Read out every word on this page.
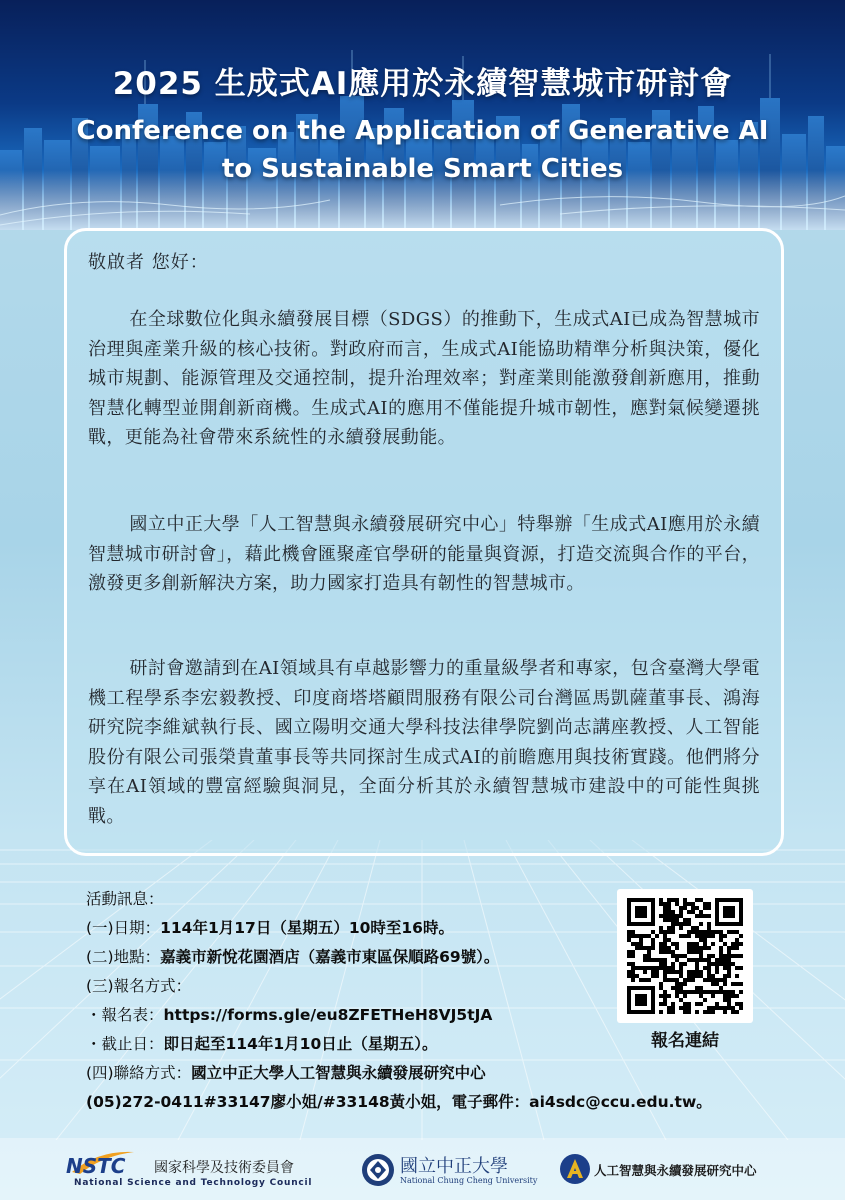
2025 生成式AI應用於永續智慧城市研討會
Conference on the Application of Generative AI to Sustainable Smart Cities
敬啟者 您好：

在全球數位化與永續發展目標（SDGS）的推動下，生成式AI已成為智慧城市治理與產業升級的核心技術。對政府而言，生成式AI能協助精準分析與決策，優化城市規劃、能源管理及交通控制，提升治理效率；對產業則能激發創新應用，推動智慧化轉型並開創新商機。生成式AI的應用不僅能提升城市韌性，應對氣候變遷挑戰，更能為社會帶來系統性的永續發展動能。

國立中正大學「人工智慧與永續發展研究中心」特舉辦「生成式AI應用於永續智慧城市研討會」，藉此機會匯聚產官學研的能量與資源，打造交流與合作的平台，激發更多創新解決方案，助力國家打造具有韌性的智慧城市。

研討會邀請到在AI領域具有卓越影響力的重量級學者和專家，包含臺灣大學電機工程學系李宏毅教授、印度商塔塔顧問服務有限公司台灣區馬凱薩董事長、鴻海研究院李維斌執行長、國立陽明交通大學科技法律學院劉尚志講座教授、人工智能股份有限公司張榮貴董事長等共同探討生成式AI的前瞻應用與技術實踐。他們將分享在AI領域的豐富經驗與洞見，全面分析其於永續智慧城市建設中的可能性與挑戰。

活動訊息：
(一)日期：114年1月17日（星期五）10時至16時。
(二)地點：嘉義市新悅花園酒店（嘉義市東區保順路69號）。
(三)報名方式：
・報名表：https://forms.gle/eu8ZFETHeH8VJ5tJA
・截止日：即日起至114年1月10日止（星期五）。
(四)聯絡方式：國立中正大學人工智慧與永續發展研究中心
(05)272-0411#33147廖小姐/#33148黃小姐，電子郵件：ai4sdc@ccu.edu.tw。
報名連結
NSTC 國家科學及技術委員會
National Science and Technology Council
國立中正大學
National Chung Cheng University
人工智慧與永續發展研究中心
